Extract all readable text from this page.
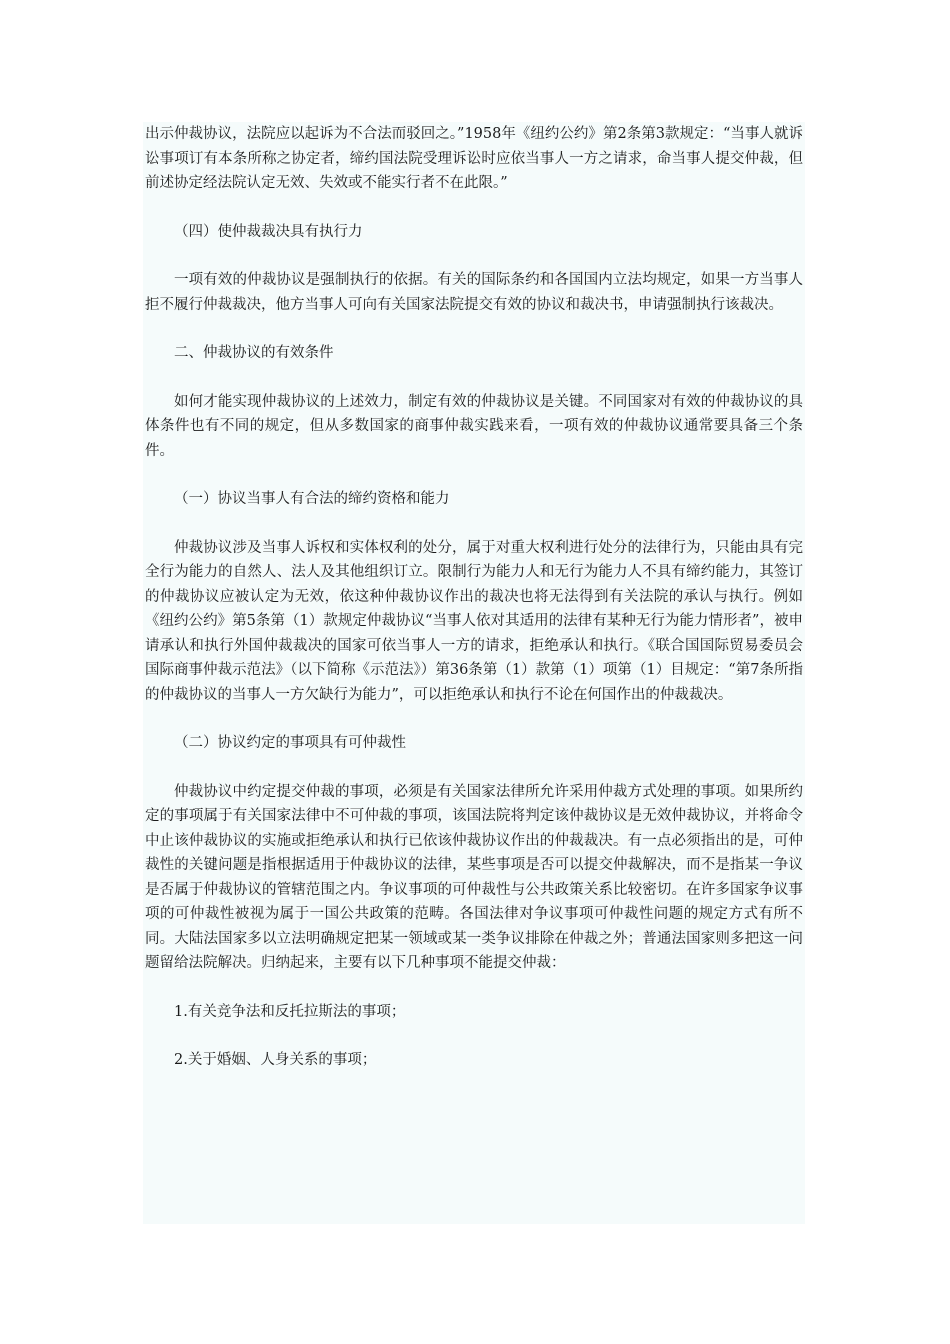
出示仲裁协议，法院应以起诉为不合法而驳回之。”1958年《纽约公约》第2条第3款规定：“当事人就诉讼事项订有本条所称之协定者，缔约国法院受理诉讼时应依当事人一方之请求，命当事人提交仲裁，但前述协定经法院认定无效、失效或不能实行者不在此限。”

（四）使仲裁裁决具有执行力

一项有效的仲裁协议是强制执行的依据。有关的国际条约和各国国内立法均规定，如果一方当事人拒不履行仲裁裁决，他方当事人可向有关国家法院提交有效的协议和裁决书，申请强制执行该裁决。

二、仲裁协议的有效条件

如何才能实现仲裁协议的上述效力，制定有效的仲裁协议是关键。不同国家对有效的仲裁协议的具体条件也有不同的规定，但从多数国家的商事仲裁实践来看，一项有效的仲裁协议通常要具备三个条件。

（一）协议当事人有合法的缔约资格和能力

仲裁协议涉及当事人诉权和实体权利的处分，属于对重大权利进行处分的法律行为，只能由具有完全行为能力的自然人、法人及其他组织订立。限制行为能力人和无行为能力人不具有缔约能力，其签订的仲裁协议应被认定为无效，依这种仲裁协议作出的裁决也将无法得到有关法院的承认与执行。例如《纽约公约》第5条第（1）款规定仲裁协议“当事人依对其适用的法律有某种无行为能力情形者”，被申请承认和执行外国仲裁裁决的国家可依当事人一方的请求，拒绝承认和执行。《联合国国际贸易委员会国际商事仲裁示范法》（以下简称《示范法》）第36条第（1）款第（1）项第（1）目规定：“第7条所指的仲裁协议的当事人一方欠缺行为能力”，可以拒绝承认和执行不论在何国作出的仲裁裁决。

（二）协议约定的事项具有可仲裁性

仲裁协议中约定提交仲裁的事项，必须是有关国家法律所允许采用仲裁方式处理的事项。如果所约定的事项属于有关国家法律中不可仲裁的事项，该国法院将判定该仲裁协议是无效仲裁协议，并将命令中止该仲裁协议的实施或拒绝承认和执行已依该仲裁协议作出的仲裁裁决。有一点必须指出的是，可仲裁性的关键问题是指根据适用于仲裁协议的法律，某些事项是否可以提交仲裁解决，而不是指某一争议是否属于仲裁协议的管辖范围之内。争议事项的可仲裁性与公共政策关系比较密切。在许多国家争议事项的可仲裁性被视为属于一国公共政策的范畴。各国法律对争议事项可仲裁性问题的规定方式有所不同。大陆法国家多以立法明确规定把某一领域或某一类争议排除在仲裁之外；普通法国家则多把这一问题留给法院解决。归纳起来，主要有以下几种事项不能提交仲裁：

1.有关竞争法和反托拉斯法的事项；

2.关于婚姻、人身关系的事项；
